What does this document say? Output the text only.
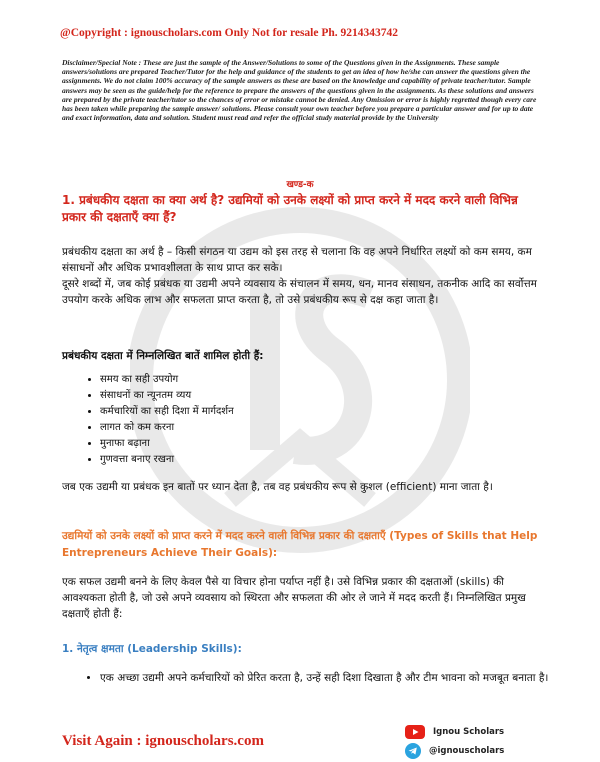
@Copyright : ignouscholars.com Only Not for resale Ph. 9214343742
Disclaimer/Special Note : These are just the sample of the Answer/Solutions to some of the Questions given in the Assignments. These sample answers/solutions are prepared Teacher/Tutor for the help and guidance of the students to get an idea of how he/she can answer the questions given the assignments. We do not claim 100% accuracy of the sample answers as these are based on the knowledge and capability of private teacher/tutor. Sample answers may be seen as the guide/help for the reference to prepare the answers of the questions given in the assignments. As these solutions and answers are prepared by the private teacher/tutor so the chances of error or mistake cannot be denied. Any Omission or error is highly regretted though every care has been taken while preparing the sample answer/ solutions. Please consult your own teacher before you prepare a particular answer and for up to date and exact information, data and solution. Student must read and refer the official study material provide by the University
खण्ड-क
1. प्रबंधकीय दक्षता का क्या अर्थ है? उद्यमियों को उनके लक्ष्यों को प्राप्त करने में मदद करने वाली विभिन्न प्रकार की दक्षताएँ क्या हैं?
प्रबंधकीय दक्षता का अर्थ है – किसी संगठन या उद्यम को इस तरह से चलाना कि वह अपने निर्धारित लक्ष्यों को कम समय, कम संसाधनों और अधिक प्रभावशीलता के साथ प्राप्त कर सके।
दूसरे शब्दों में, जब कोई प्रबंधक या उद्यमी अपने व्यवसाय के संचालन में समय, धन, मानव संसाधन, तकनीक आदि का सर्वोत्तम उपयोग करके अधिक लाभ और सफलता प्राप्त करता है, तो उसे प्रबंधकीय रूप से दक्ष कहा जाता है।
प्रबंधकीय दक्षता में निम्नलिखित बातें शामिल होती हैं:
• समय का सही उपयोग
• संसाधनों का न्यूनतम व्यय
• कर्मचारियों का सही दिशा में मार्गदर्शन
• लागत को कम करना
• मुनाफा बढ़ाना
• गुणवत्ता बनाए रखना
जब एक उद्यमी या प्रबंधक इन बातों पर ध्यान देता है, तब वह प्रबंधकीय रूप से कुशल (efficient) माना जाता है।
उद्यमियों को उनके लक्ष्यों को प्राप्त करने में मदद करने वाली विभिन्न प्रकार की दक्षताएँ (Types of Skills that Help Entrepreneurs Achieve Their Goals):
एक सफल उद्यमी बनने के लिए केवल पैसे या विचार होना पर्याप्त नहीं है। उसे विभिन्न प्रकार की दक्षताओं (skills) की आवश्यकता होती है, जो उसे अपने व्यवसाय को स्थिरता और सफलता की ओर ले जाने में मदद करती हैं। निम्नलिखित प्रमुख दक्षताएँ होती हैं:
1. नेतृत्व क्षमता (Leadership Skills):
• एक अच्छा उद्यमी अपने कर्मचारियों को प्रेरित करता है, उन्हें सही दिशा दिखाता है और टीम भावना को मजबूत बनाता है।
Visit Again : ignouscholars.com
Ignou Scholars
@ignouscholars
